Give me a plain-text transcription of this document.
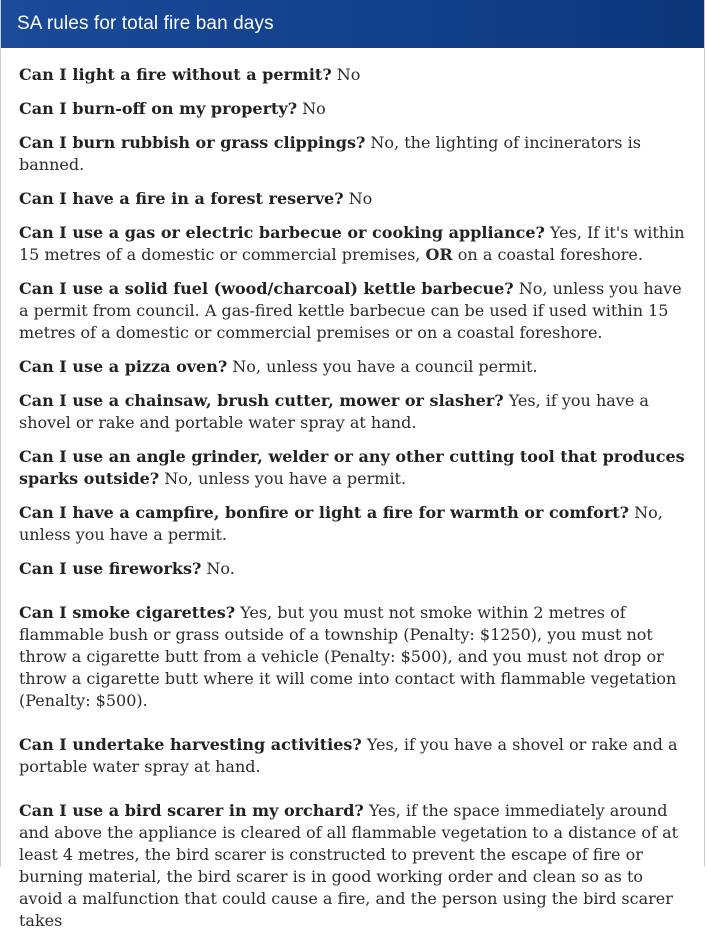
SA rules for total fire ban days

Can I light a fire without a permit? No

Can I burn-off on my property? No

Can I burn rubbish or grass clippings? No, the lighting of incinerators is banned.

Can I have a fire in a forest reserve? No

Can I use a gas or electric barbecue or cooking appliance? Yes, If it's within 15 metres of a domestic or commercial premises, OR on a coastal foreshore.

Can I use a solid fuel (wood/charcoal) kettle barbecue? No, unless you have a permit from council. A gas-fired kettle barbecue can be used if used within 15 metres of a domestic or commercial premises or on a coastal foreshore.

Can I use a pizza oven? No, unless you have a council permit.

Can I use a chainsaw, brush cutter, mower or slasher? Yes, if you have a shovel or rake and portable water spray at hand.

Can I use an angle grinder, welder or any other cutting tool that produces sparks outside? No, unless you have a permit.

Can I have a campfire, bonfire or light a fire for warmth or comfort? No, unless you have a permit.

Can I use fireworks? No.

Can I smoke cigarettes? Yes, but you must not smoke within 2 metres of flammable bush or grass outside of a township (Penalty: $1250), you must not throw a cigarette butt from a vehicle (Penalty: $500), and you must not drop or throw a cigarette butt where it will come into contact with flammable vegetation (Penalty: $500).

Can I undertake harvesting activities? Yes, if you have a shovel or rake and a portable water spray at hand.

Can I use a bird scarer in my orchard? Yes, if the space immediately around and above the appliance is cleared of all flammable vegetation to a distance of at least 4 metres, the bird scarer is constructed to prevent the escape of fire or burning material, the bird scarer is in good working order and clean so as to avoid a malfunction that could cause a fire, and the person using the bird scarer takes
